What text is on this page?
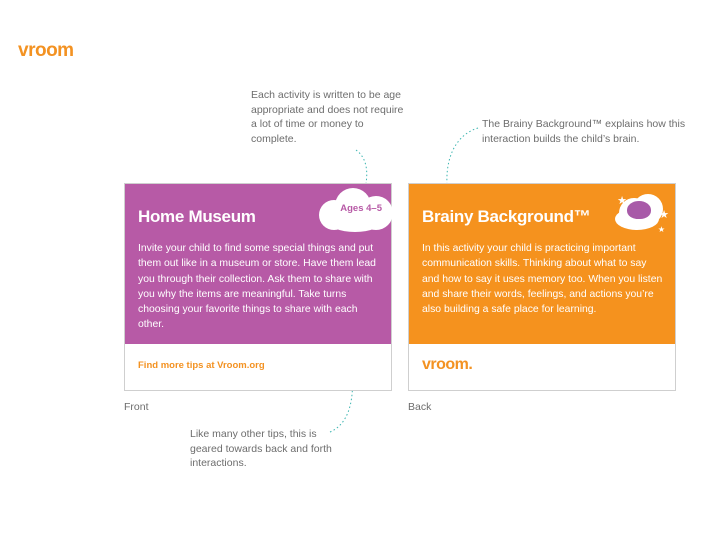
vroom
Each activity is written to be age appropriate and does not require a lot of time or money to complete.
The Brainy Background™ explains how this interaction builds the child’s brain.
Like many other tips, this is geared towards back and forth interactions.
Home Museum	Ages 4–5
Invite your child to find some special things and put them out like in a museum or store. Have them lead you through their collection. Ask them to share with you why the items are meaningful. Take turns choosing your favorite things to share with each other.
Find more tips at Vroom.org
Brainy Background™
★
★
★
In this activity your child is practicing important communication skills. Thinking about what to say and how to say it uses memory too. When you listen and share their words, feelings, and actions you’re also building a safe place for learning.
vroom.
Front	Back
